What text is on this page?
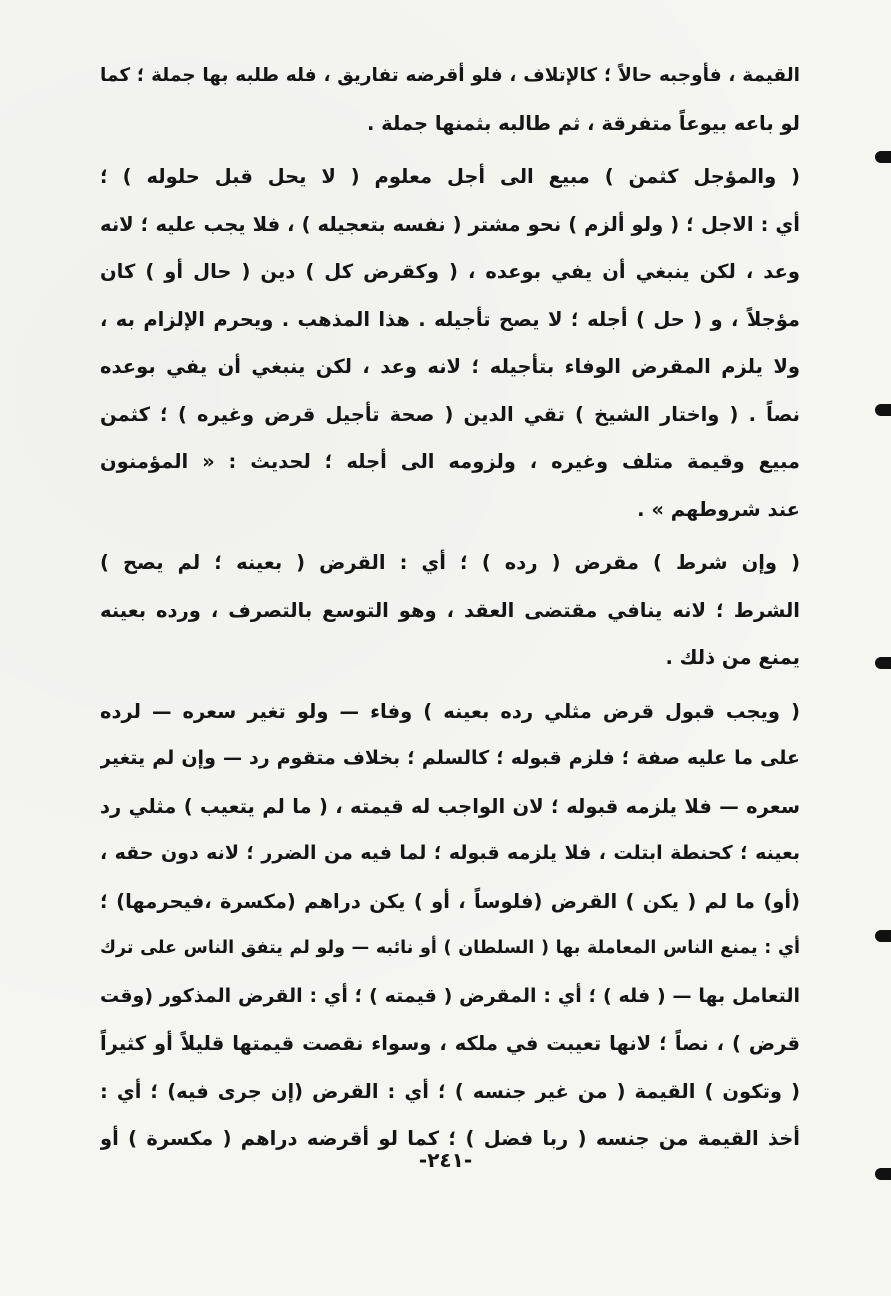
القيمة ، فأوجبه حالاً ؛ كالإتلاف ، فلو أقرضه تفاريق ، فله طلبه بها جملة ؛ كما
لو باعه بيوعاً متفرقة ، ثم طالبه بثمنها جملة .
( والمؤجل كثمن ) مبيع الى أجل معلوم ( لا يحل قبل حلوله ) ؛
أي : الاجل ؛ ( ولو ألزم ) نحو مشتر ( نفسه بتعجيله ) ، فلا يجب عليه ؛ لانه
وعد ، لكن ينبغي أن يفي بوعده ، ( وكقرض كل ) دين ( حال أو ) كان
مؤجلاً ، و ( حل ) أجله ؛ لا يصح تأجيله . هذا المذهب . ويحرم الإلزام به ،
ولا يلزم المقرض الوفاء بتأجيله ؛ لانه وعد ، لكن ينبغي أن يفي بوعده
نصاً . ( واختار الشيخ ) تقي الدين ( صحة تأجيل قرض وغيره ) ؛ كثمن
مبيع وقيمة متلف وغيره ، ولزومه الى أجله ؛ لحديث : « المؤمنون
عند شروطهم » .
( وإن شرط ) مقرض ( رده ) ؛ أي : القرض ( بعينه ؛ لم يصح )
الشرط ؛ لانه ينافي مقتضى العقد ، وهو التوسع بالتصرف ، ورده بعينه
يمنع من ذلك .
( ويجب قبول قرض مثلي رده بعينه ) وفاء — ولو تغير سعره — لرده
على ما عليه صفة ؛ فلزم قبوله ؛ كالسلم ؛ بخلاف متقوم رد — وإن لم يتغير
سعره — فلا يلزمه قبوله ؛ لان الواجب له قيمته ، ( ما لم يتعيب ) مثلي رد
بعينه ؛ كحنطة ابتلت ، فلا يلزمه قبوله ؛ لما فيه من الضرر ؛ لانه دون حقه ،
(أو) ما لم ( يكن ) القرض (فلوساً ، أو ) يكن دراهم (مكسرة ،فيحرمها) ؛
أي : يمنع الناس المعاملة بها ( السلطان ) أو نائبه — ولو لم يتفق الناس على ترك
التعامل بها — ( فله ) ؛ أي : المقرض ( قيمته ) ؛ أي : القرض المذكور (وقت
قرض ) ، نصاً ؛ لانها تعيبت في ملكه ، وسواء نقصت قيمتها قليلاً أو كثيراً
( وتكون ) القيمة ( من غير جنسه ) ؛ أي : القرض (إن جرى فيه) ؛ أي :
أخذ القيمة من جنسه ( ربا فضل ) ؛ كما لو أقرضه دراهم ( مكسرة ) أو
-٢٤١-
